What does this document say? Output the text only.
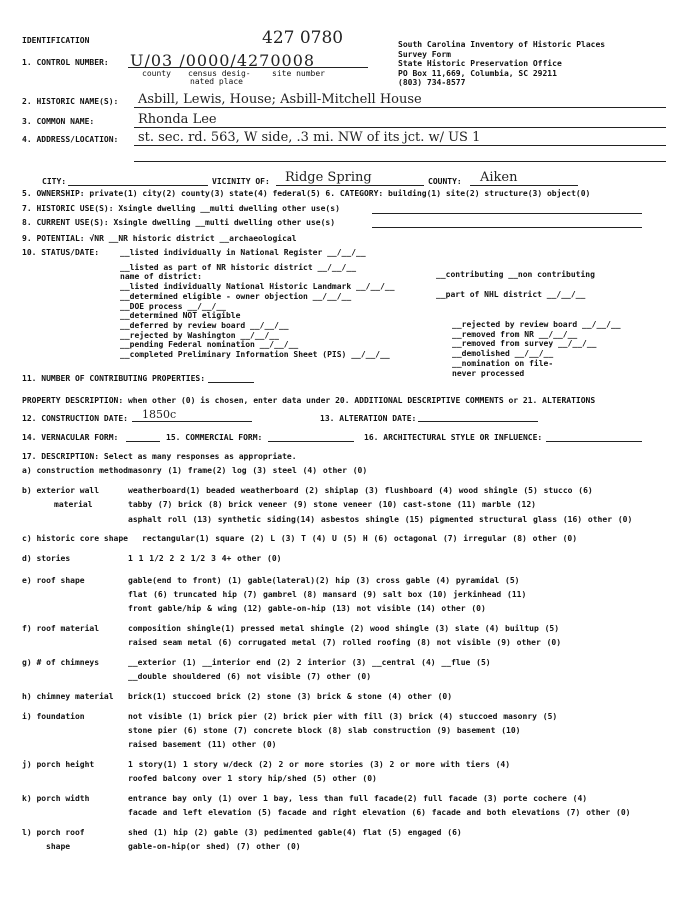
IDENTIFICATION	427 0780	South Carolina Inventory of Historic Places
Survey Form
State Historic Preservation Office
PO Box 11,669, Columbia, SC 29211
(803) 734-8577
1. CONTROL NUMBER: U/03 /0000/4270008
county census desig-
nated place
site number
2. HISTORIC NAME(S): Asbill, Lewis, House; Asbill-Mitchell House
3. COMMON NAME:	Rhonda Lee
4. ADDRESS/LOCATION: st. sec. rd. 563, W side, .3 mi. NW of its jct. w/ US 1
CITY:	VICINITY OF: Ridge Spring	COUNTY: Aiken
5. OWNERSHIP: private(1) city(2) county(3) state(4) federal(5) 6. CATEGORY: building(1) site(2) structure(3) object(0)
7. HISTORIC USE(S): Xsingle dwelling __multi dwelling other use(s)
8. CURRENT USE(S): Xsingle dwelling __multi dwelling other use(s)
9. POTENTIAL: √NR __NR historic district __archaeological
10. STATUS/DATE:	__listed individually in National Register __/__/__
__listed as part of NR historic district __/__/__
name of district:
__listed individually National Historic Landmark __/__/__
__determined eligible - owner objection __/__/__
__DOE process __/__/__
__determined NOT eligible
__deferred by review board __/__/__
__rejected by Washington __/__/__
__pending Federal nomination __/__/__
__completed Preliminary Information Sheet (PIS) __/__/__
__contributing __non contributing
__part of NHL district __/__/__
__rejected by review board __/__/__
__removed from NR __/__/__
__removed from survey __/__/__
__demolished __/__/__
__nomination on file-
never processed
11. NUMBER OF CONTRIBUTING PROPERTIES:
PROPERTY DESCRIPTION: when other (0) is chosen, enter data under 20. ADDITIONAL DESCRIPTIVE COMMENTS or 21. ALTERATIONS
12. CONSTRUCTION DATE: 1850c	13. ALTERATION DATE:
14. VERNACULAR FORM:	15. COMMERCIAL FORM:	16. ARCHITECTURAL STYLE OR INFLUENCE:
17. DESCRIPTION: Select as many responses as appropriate.
a) construction method masonry (1) frame(2) log (3) steel (4) other (0)
b) exterior wall
material
weatherboard(1) beaded weatherboard (2) shiplap (3) flushboard (4) wood shingle (5) stucco (6)
tabby (7) brick (8) brick veneer (9) stone veneer (10) cast-stone (11) marble (12)
asphalt roll (13) synthetic siding(14) asbestos shingle (15) pigmented structural glass (16) other (0)
c) historic core shape rectangular(1) square (2) L (3) T (4) U (5) H (6) octagonal (7) irregular (8) other (0)
d) stories	1 1 1/2 2 2 1/2 3 4+ other (0)
e) roof shape	gable(end to front) (1) gable(lateral)(2) hip (3) cross gable (4) pyramidal (5)
flat (6) truncated hip (7) gambrel (8) mansard (9) salt box (10) jerkinhead (11)
front gable/hip & wing (12) gable-on-hip (13) not visible (14) other (0)
f) roof material	composition shingle(1) pressed metal shingle (2) wood shingle (3) slate (4) builtup (5)
raised seam metal (6) corrugated metal (7) rolled roofing (8) not visible (9) other (0)
g) # of chimneys	__exterior (1) __interior end (2) 2 interior (3) __central (4) __flue (5)
__double shouldered (6) not visible (7) other (0)
h) chimney material brick(1) stuccoed brick (2) stone (3) brick & stone (4) other (0)
i) foundation	not visible (1) brick pier (2) brick pier with fill (3) brick (4) stuccoed masonry (5)
stone pier (6) stone (7) concrete block (8) slab construction (9) basement (10)
raised basement (11) other (0)
j) porch height	1 story(1) 1 story w/deck (2) 2 or more stories (3) 2 or more with tiers (4)
roofed balcony over 1 story hip/shed (5) other (0)
k) porch width	entrance bay only (1) over 1 bay, less than full facade(2) full facade (3) porte cochere (4)
facade and left elevation (5) facade and right elevation (6) facade and both elevations (7) other (0)
l) porch roof
shape
shed (1) hip (2) gable (3) pedimented gable(4) flat (5) engaged (6)
gable-on-hip(or shed) (7) other (0)
